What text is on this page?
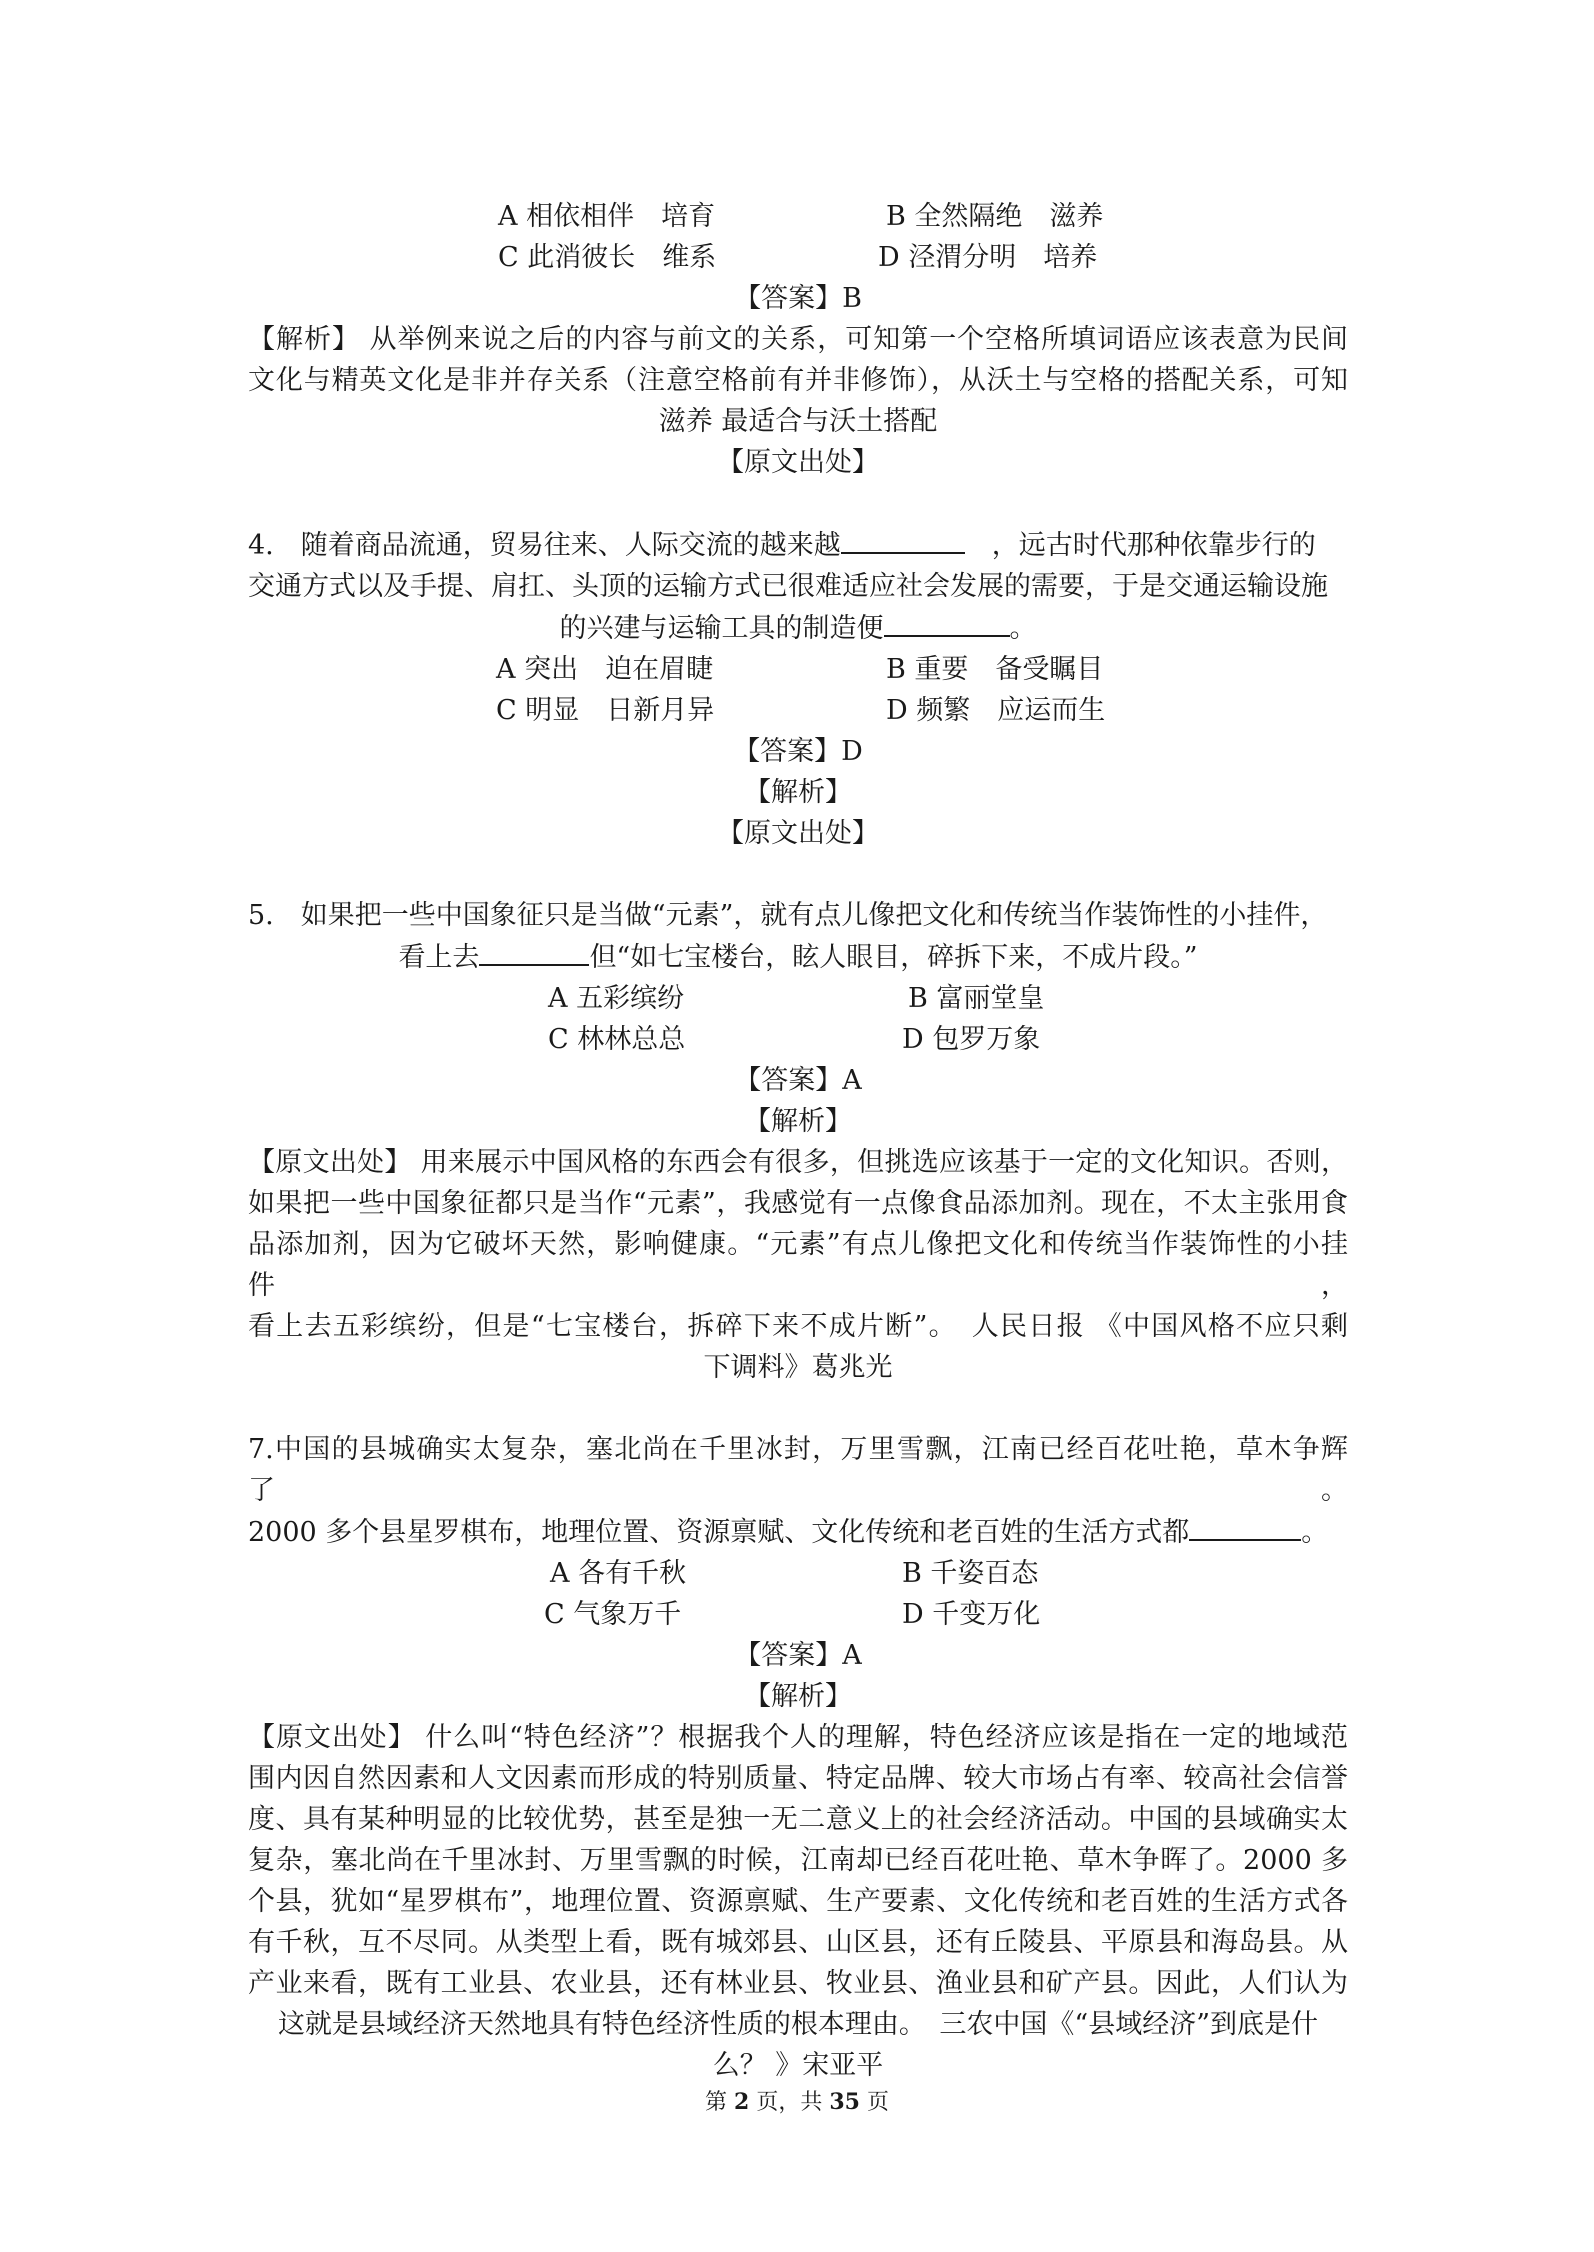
A 相依相伴　培育	B 全然隔绝　滋养
C 此消彼长　维系	D 泾渭分明　培养

【答案】B

【解析】 从举例来说之后的内容与前文的关系，可知第一个空格所填词语应该表意为民间

文化与精英文化是非并存关系（注意空格前有并非修饰），从沃土与空格的搭配关系，可知

滋养 最适合与沃土搭配

【原文出处】

4.　随着商品流通，贸易往来、人际交流的越来越	　，远古时代那种依靠步行的

交通方式以及手提、肩扛、头顶的运输方式已很难适应社会发展的需要，于是交通运输设施

的兴建与运输工具的制造便	。

A 突出　迫在眉睫	B 重要　备受瞩目
C 明显　日新月异	D 频繁　应运而生

【答案】D

【解析】

【原文出处】

5.　如果把一些中国象征只是当做“元素”，就有点儿像把文化和传统当作装饰性的小挂件，

看上去	但“如七宝楼台，眩人眼目，碎拆下来，不成片段。”

A 五彩缤纷	B 富丽堂皇
C 林林总总	D 包罗万象

【答案】A

【解析】

【原文出处】 用来展示中国风格的东西会有很多，但挑选应该基于一定的文化知识。否则，

如果把一些中国象征都只是当作“元素”，我感觉有一点像食品添加剂。现在，不太主张用食

品添加剂，因为它破坏天然，影响健康。“元素”有点儿像把文化和传统当作装饰性的小挂件，

看上去五彩缤纷，但是“七宝楼台，拆碎下来不成片断”。　人民日报 《中国风格不应只剩

下调料》葛兆光

7.中国的县城确实太复杂，塞北尚在千里冰封，万里雪飘，江南已经百花吐艳，草木争辉了。

2000 多个县星罗棋布，地理位置、资源禀赋、文化传统和老百姓的生活方式都	。

A 各有千秋	B 千姿百态
C 气象万千	D 千变万化

【答案】A

【解析】

【原文出处】 什么叫“特色经济”？根据我个人的理解，特色经济应该是指在一定的地域范

围内因自然因素和人文因素而形成的特别质量、特定品牌、较大市场占有率、较高社会信誉

度、具有某种明显的比较优势，甚至是独一无二意义上的社会经济活动。中国的县域确实太

复杂，塞北尚在千里冰封、万里雪飘的时候，江南却已经百花吐艳、草木争晖了。2000 多

个县，犹如“星罗棋布”，地理位置、资源禀赋、生产要素、文化传统和老百姓的生活方式各

有千秋，互不尽同。从类型上看，既有城郊县、山区县，还有丘陵县、平原县和海岛县。从

产业来看，既有工业县、农业县，还有林业县、牧业县、渔业县和矿产县。因此，人们认为

这就是县域经济天然地具有特色经济性质的根本理由。　三农中国《“县域经济”到底是什

么？ 》宋亚平

第 2 页，共 35 页
